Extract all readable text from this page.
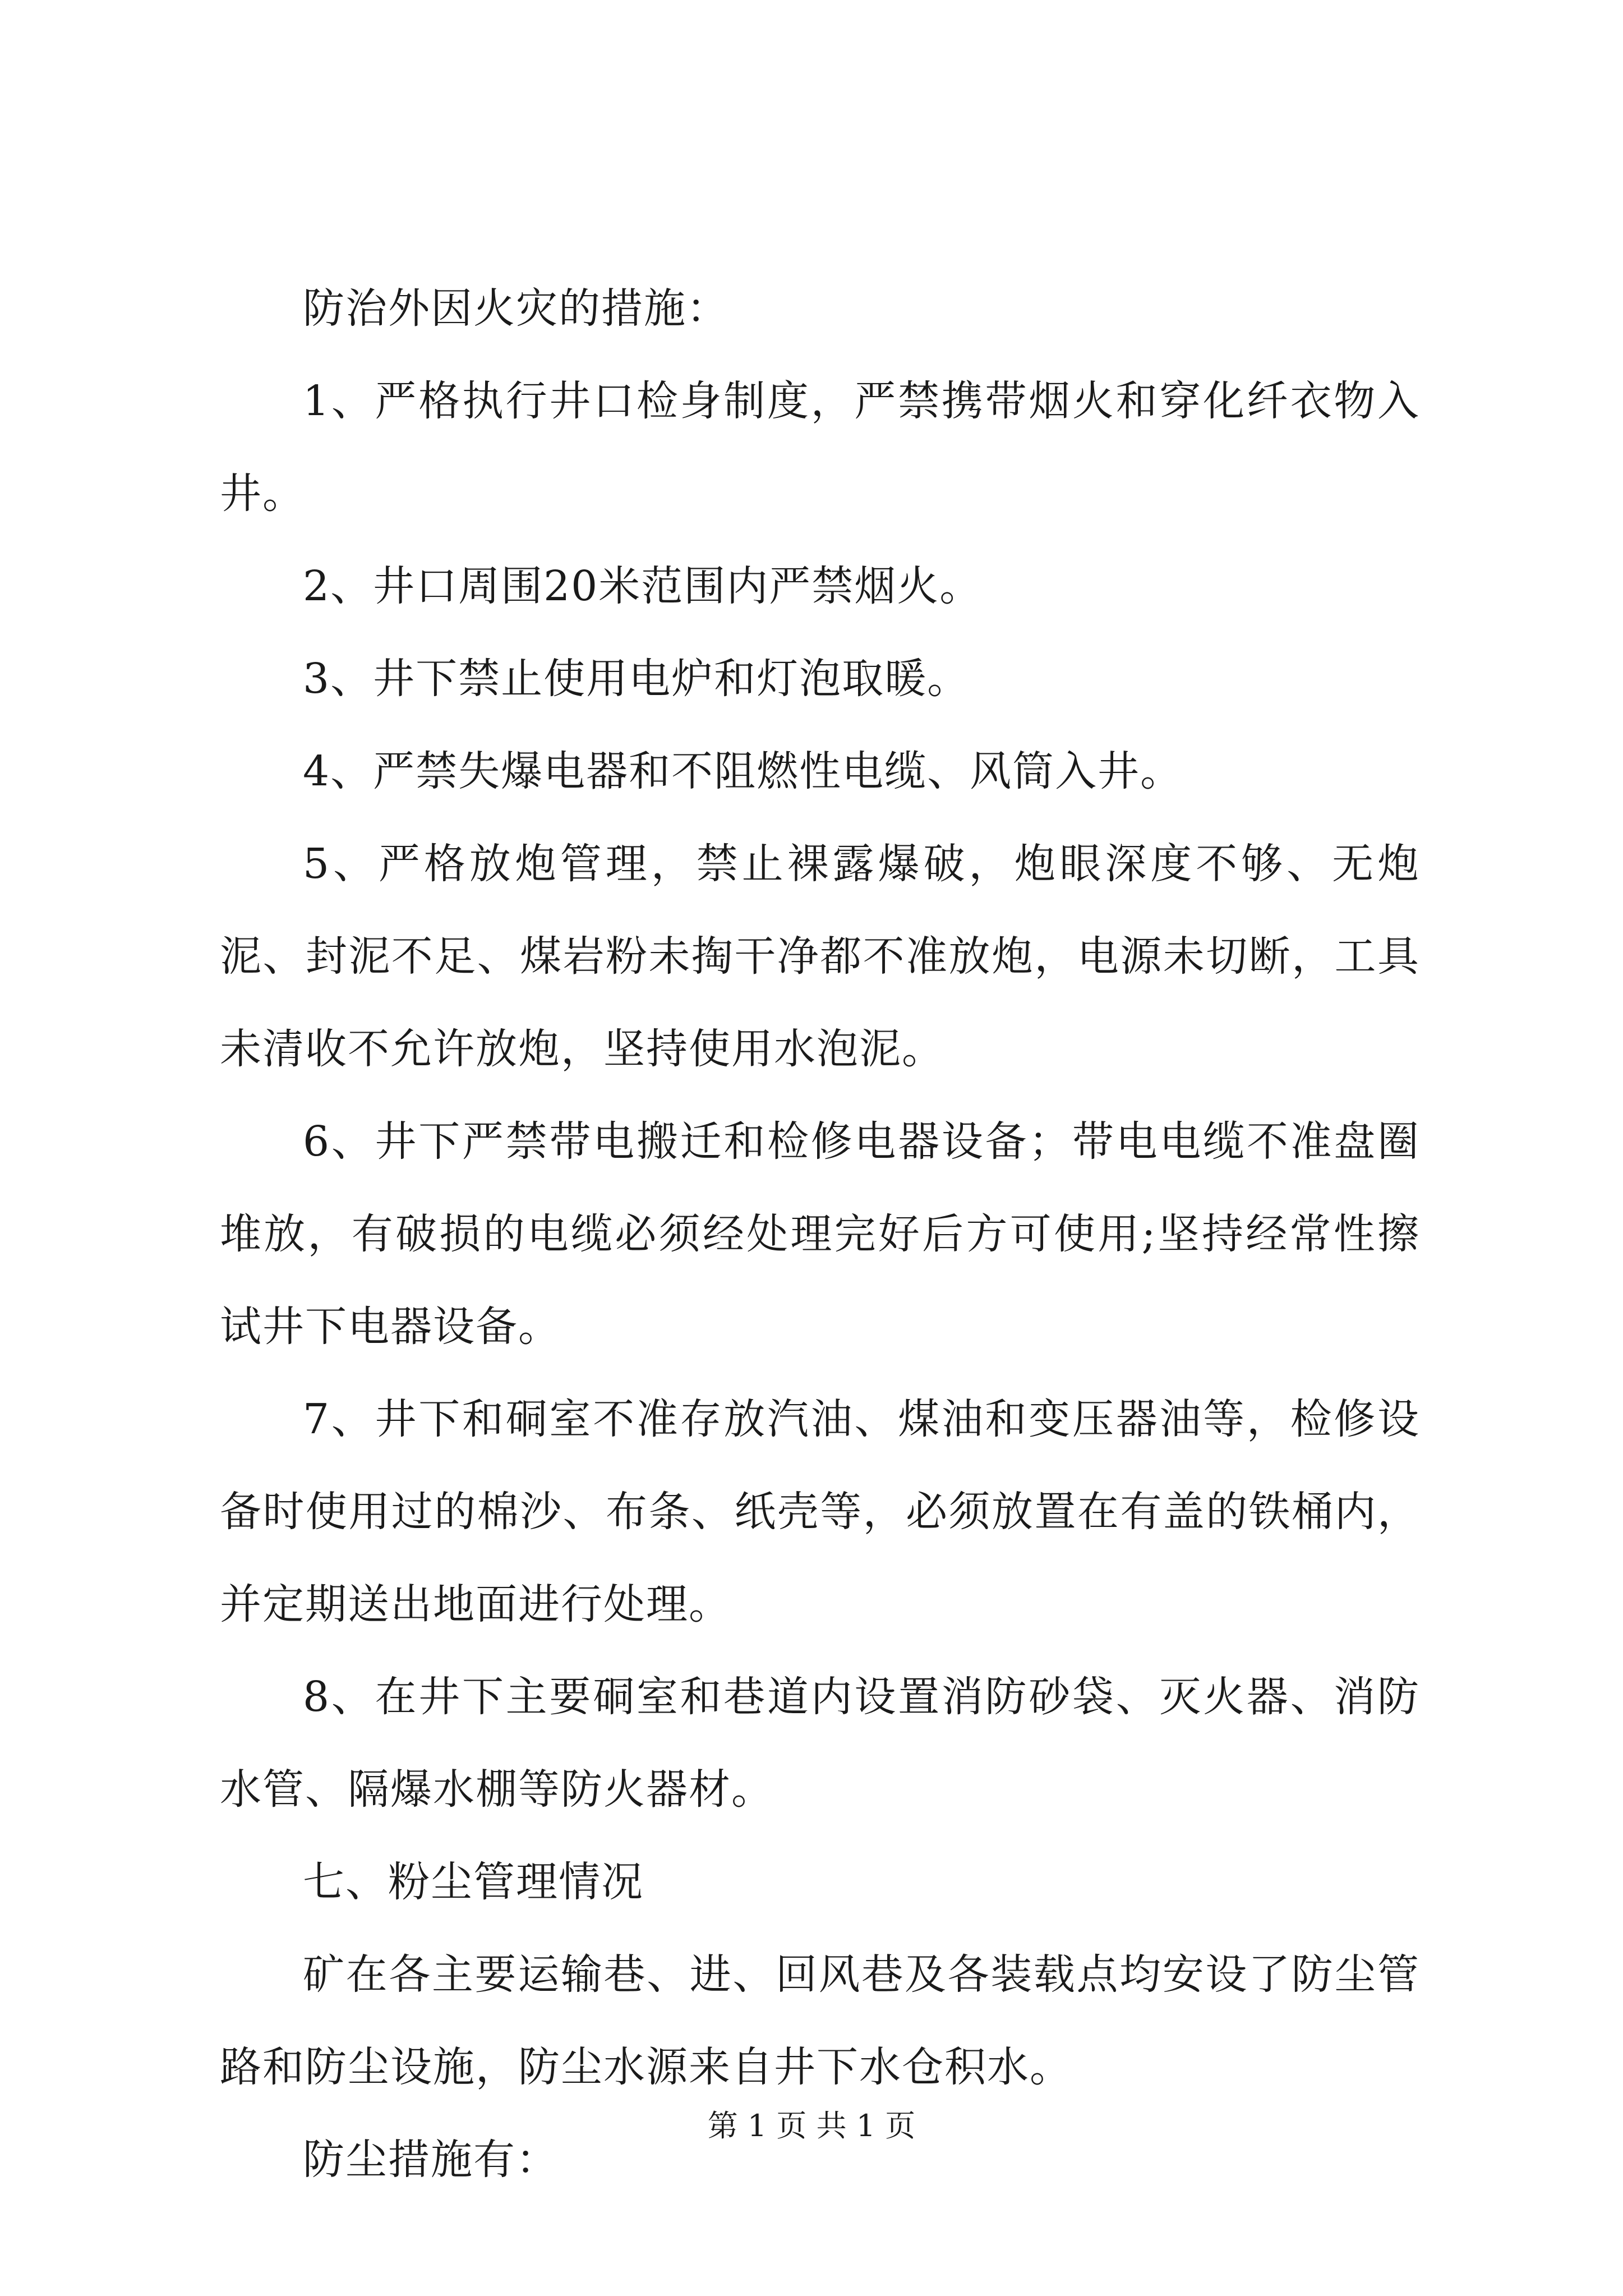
防治外因火灾的措施：

1、严格执行井口检身制度，严禁携带烟火和穿化纤衣物入井。

2、井口周围20米范围内严禁烟火。

3、井下禁止使用电炉和灯泡取暖。

4、严禁失爆电器和不阻燃性电缆、风筒入井。

5、严格放炮管理，禁止裸露爆破，炮眼深度不够、无炮泥、封泥不足、煤岩粉未掏干净都不准放炮，电源未切断，工具未清收不允许放炮，坚持使用水泡泥。

6、井下严禁带电搬迁和检修电器设备；带电电缆不准盘圈堆放，有破损的电缆必须经处理完好后方可使用;坚持经常性擦试井下电器设备。

7、井下和硐室不准存放汽油、煤油和变压器油等，检修设备时使用过的棉沙、布条、纸壳等，必须放置在有盖的铁桶内，并定期送出地面进行处理。

8、在井下主要硐室和巷道内设置消防砂袋、灭火器、消防水管、隔爆水棚等防火器材。

七、粉尘管理情况

矿在各主要运输巷、进、回风巷及各装载点均安设了防尘管路和防尘设施，防尘水源来自井下水仓积水。

防尘措施有：

第 1 页 共 1 页
